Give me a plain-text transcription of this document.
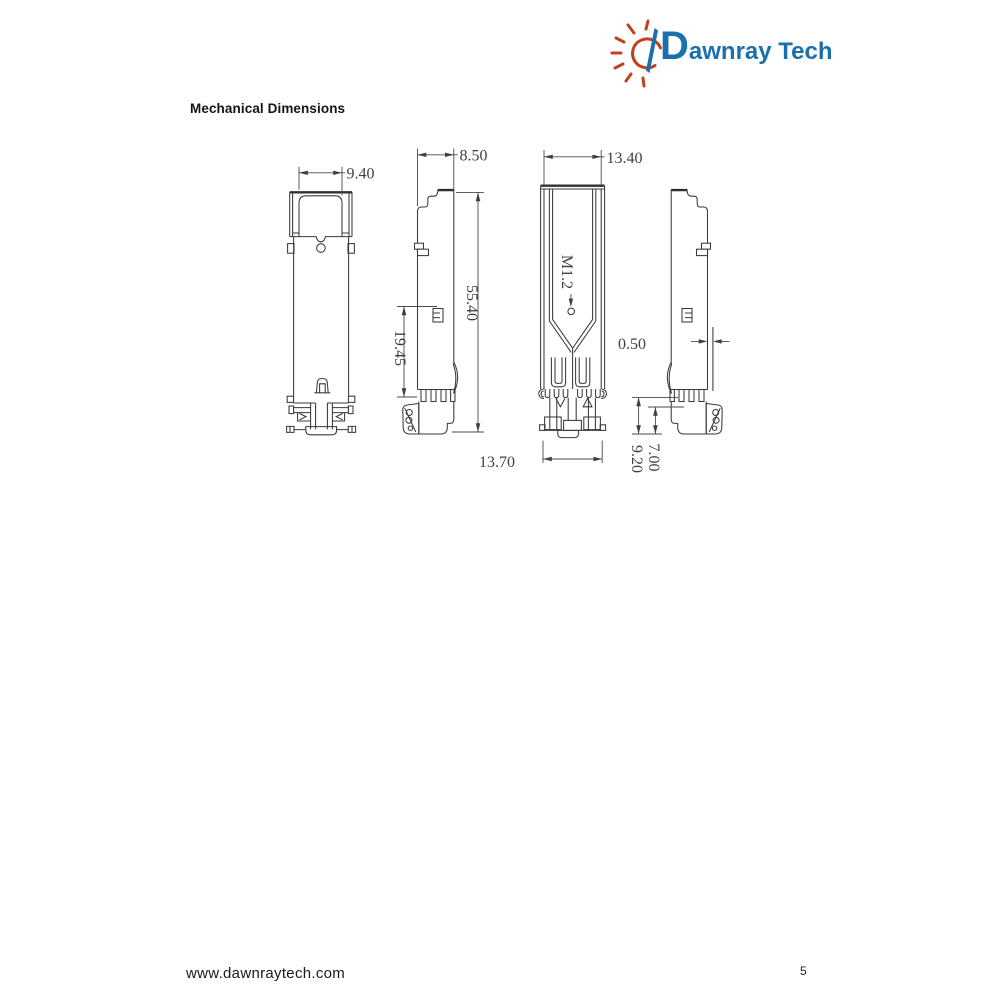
Dawnray Tech
Mechanical Dimensions
9.40
8.50	13.40
55.40
19.45
M1.2
0.50
13.70	9.20 7.00
www.dawnraytech.com	5
